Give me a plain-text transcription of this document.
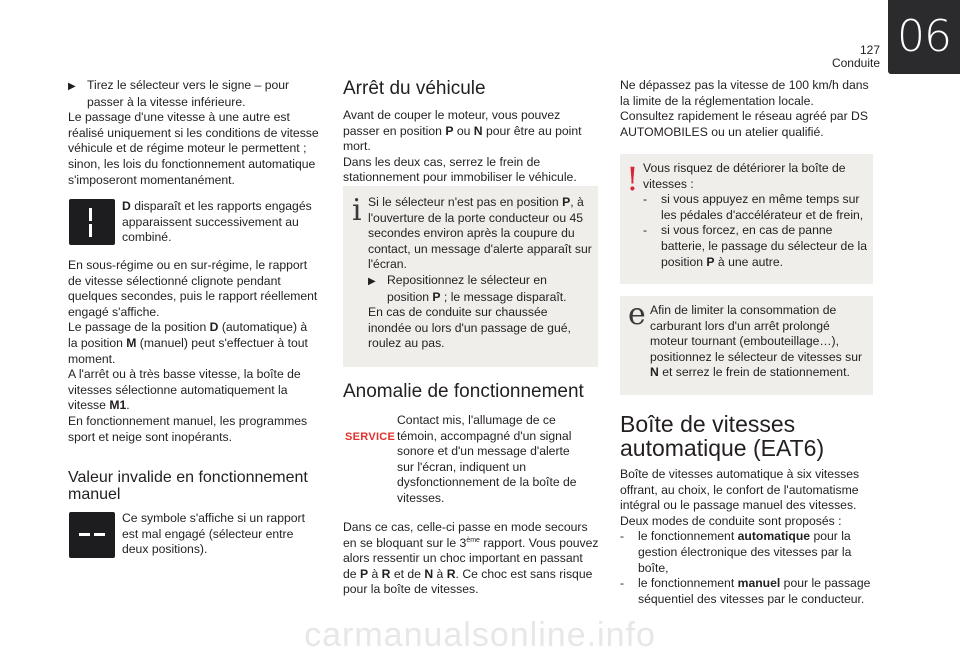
127
Conduite
06

▶ Tirez le sélecteur vers le signe – pour passer à la vitesse inférieure.

Le passage d'une vitesse à une autre est réalisé uniquement si les conditions de vitesse véhicule et de régime moteur le permettent ; sinon, les lois du fonctionnement automatique s'imposeront momentanément.

D disparaît et les rapports engagés apparaissent successivement au combiné.

En sous-régime ou en sur-régime, le rapport de vitesse sélectionné clignote pendant quelques secondes, puis le rapport réellement engagé s'affiche.

Le passage de la position D (automatique) à la position M (manuel) peut s'effectuer à tout moment.

A l'arrêt ou à très basse vitesse, la boîte de vitesses sélectionne automatiquement la vitesse M1.

En fonctionnement manuel, les programmes sport et neige sont inopérants.

Valeur invalide en fonctionnement manuel

Ce symbole s'affiche si un rapport est mal engagé (sélecteur entre deux positions).

Arrêt du véhicule

Avant de couper le moteur, vous pouvez passer en position P ou N pour être au point mort.

Dans les deux cas, serrez le frein de stationnement pour immobiliser le véhicule.

i Si le sélecteur n'est pas en position P, à l'ouverture de la porte conducteur ou 45 secondes environ après la coupure du contact, un message d'alerte apparaît sur l'écran.

▶ Repositionnez le sélecteur en position P ; le message disparaît.

En cas de conduite sur chaussée inondée ou lors d'un passage de gué, roulez au pas.

Anomalie de fonctionnement
SERVICE

Contact mis, l'allumage de ce témoin, accompagné d'un signal sonore et d'un message d'alerte sur l'écran, indiquent un dysfonctionnement de la boîte de vitesses.

Dans ce cas, celle-ci passe en mode secours en se bloquant sur le 3ème rapport. Vous pouvez alors ressentir un choc important en passant de P à R et de N à R. Ce choc est sans risque pour la boîte de vitesses.

Ne dépassez pas la vitesse de 100 km/h dans la limite de la réglementation locale.

Consultez rapidement le réseau agréé par DS AUTOMOBILES ou un atelier qualifié.

! Vous risquez de détériorer la boîte de vitesses :

- si vous appuyez en même temps sur les pédales d'accélérateur et de frein,

- si vous forcez, en cas de panne batterie, le passage du sélecteur de la position P à une autre.

e Afin de limiter la consommation de carburant lors d'un arrêt prolongé moteur tournant (embouteillage…), positionnez le sélecteur de vitesses sur N et serrez le frein de stationnement.

Boîte de vitesses automatique (EAT6)

Boîte de vitesses automatique à six vitesses offrant, au choix, le confort de l'automatisme intégral ou le passage manuel des vitesses.

Deux modes de conduite sont proposés :

- le fonctionnement automatique pour la gestion électronique des vitesses par la boîte,

- le fonctionnement manuel pour le passage séquentiel des vitesses par le conducteur.

carmanualsonline.info
